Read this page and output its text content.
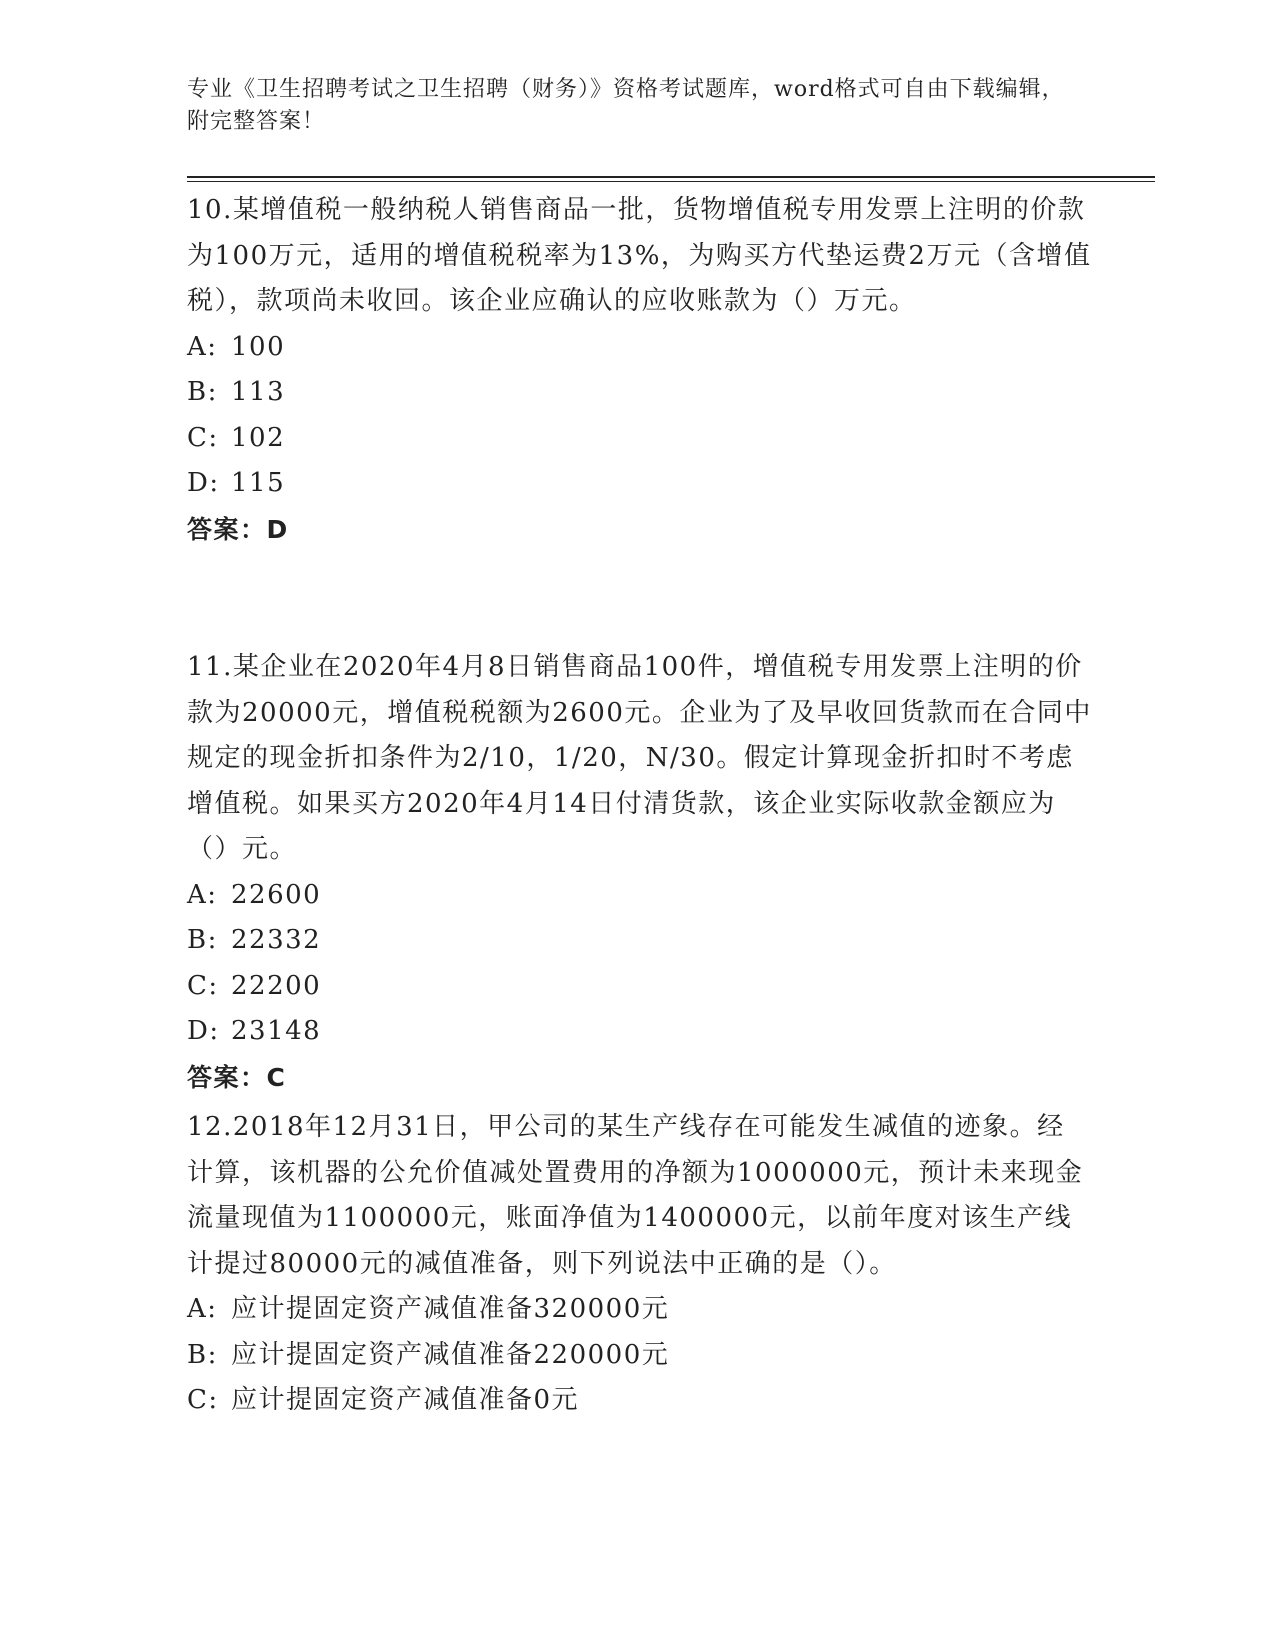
专业《卫生招聘考试之卫生招聘（财务）》资格考试题库，word格式可自由下载编辑，附完整答案！

10.某增值税一般纳税人销售商品一批，货物增值税专用发票上注明的价款为100万元，适用的增值税税率为13%，为购买方代垫运费2万元（含增值税），款项尚未收回。该企业应确认的应收账款为（）万元。

A: 100

B: 113

C: 102

D: 115

答案：D

11.某企业在2020年4月8日销售商品100件，增值税专用发票上注明的价款为20000元，增值税税额为2600元。企业为了及早收回货款而在合同中规定的现金折扣条件为2/10，1/20，N/30。假定计算现金折扣时不考虑增值税。如果买方2020年4月14日付清货款，该企业实际收款金额应为（）元。

A: 22600

B: 22332

C: 22200

D: 23148

答案：C

12.2018年12月31日，甲公司的某生产线存在可能发生减值的迹象。经计算，该机器的公允价值减处置费用的净额为1000000元，预计未来现金流量现值为1100000元，账面净值为1400000元，以前年度对该生产线计提过80000元的减值准备，则下列说法中正确的是（）。

A: 应计提固定资产减值准备320000元

B: 应计提固定资产减值准备220000元

C: 应计提固定资产减值准备0元
